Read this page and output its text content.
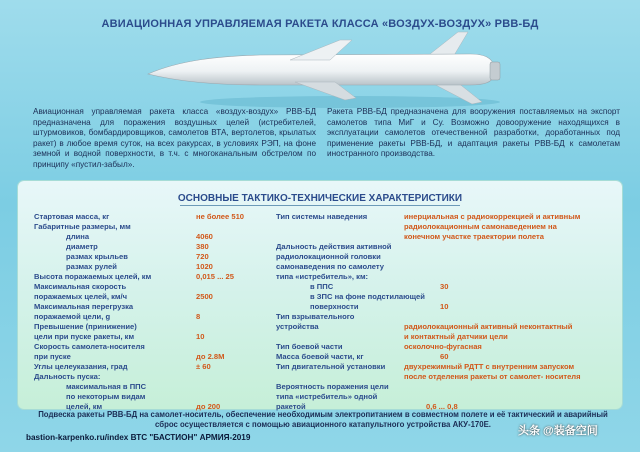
АВИАЦИОННАЯ УПРАВЛЯЕМАЯ РАКЕТА КЛАССА «ВОЗДУХ-ВОЗДУХ» РВВ-БД
Авиационная управляемая ракета класса «воздух-воздух» РВВ-БД предназначена для поражения воздушных целей (истребителей, штурмовиков, бомбардировщиков, самолетов ВТА, вертолетов, крылатых ракет) в любое время суток, на всех ракурсах, в условиях РЭП, на фоне земной и водной поверхности, в т.ч. с многоканальным обстрелом по принципу «пустил-забыл».
Ракета РВВ-БД предназначена для вооружения поставляемых на экспорт самолетов типа МиГ и Су. Возможно довооружение находящихся в эксплуатации самолетов отечественной разработки, доработанных под применение ракеты РВВ-БД, и адаптация ракеты РВВ-БД к самолетам иностранного производства.
ОСНОВНЫЕ ТАКТИКО-ТЕХНИЧЕСКИЕ ХАРАКТЕРИСТИКИ
Стартовая масса, кг	не более 510
Габаритные размеры, мм
длина	4060
диаметр	380
размах крыльев	720
размах рулей	1020
Высота поражаемых целей, км	0,015 ... 25
Максимальная скорость
поражаемых целей, км/ч	2500
Максимальная перегрузка
поражаемой цели, g	8
Превышение (принижение)
цели при пуске ракеты, км	10
Скорость самолета-носителя
при пуске	до 2.8М
Углы целеуказания, град	± 60
Дальность пуска:
максимальная в ППС
по некоторым видам
целей, км	до 200
Тип системы наведения	инерциальная с радиокоррекцией и активным
радиолокационным самонаведением на
конечном участке траектории полета
Дальность действия активной
радиолокационной головки
самонаведения по самолету
типа «истребитель», км:
в ППС	30
в ЗПС на фоне подстилающей
поверхности	10
Тип взрывательного
устройства	радиолокационный активный неконтактный
и контактный датчики цели
Тип боевой части	осколочно-фугасная
Масса боевой части, кг	60
Тип двигательной установки двухрежимный РДТТ с внутренним запуском
после отделения ракеты от самолет- носителя
Вероятность поражения цели
типа «истребитель» одной
ракетой	0,6 ... 0,8
Подвеска ракеты РВВ-БД на самолет-носитель, обеспечение необходимым электропитанием в совместном полете и её тактический и аварийный сброс осуществляется с помощью авиационного катапультного устройства АКУ-170Е.
bastion-karpenko.ru/index ВТС "БАСТИОН" АРМИЯ-2019
头条 @装备空间
